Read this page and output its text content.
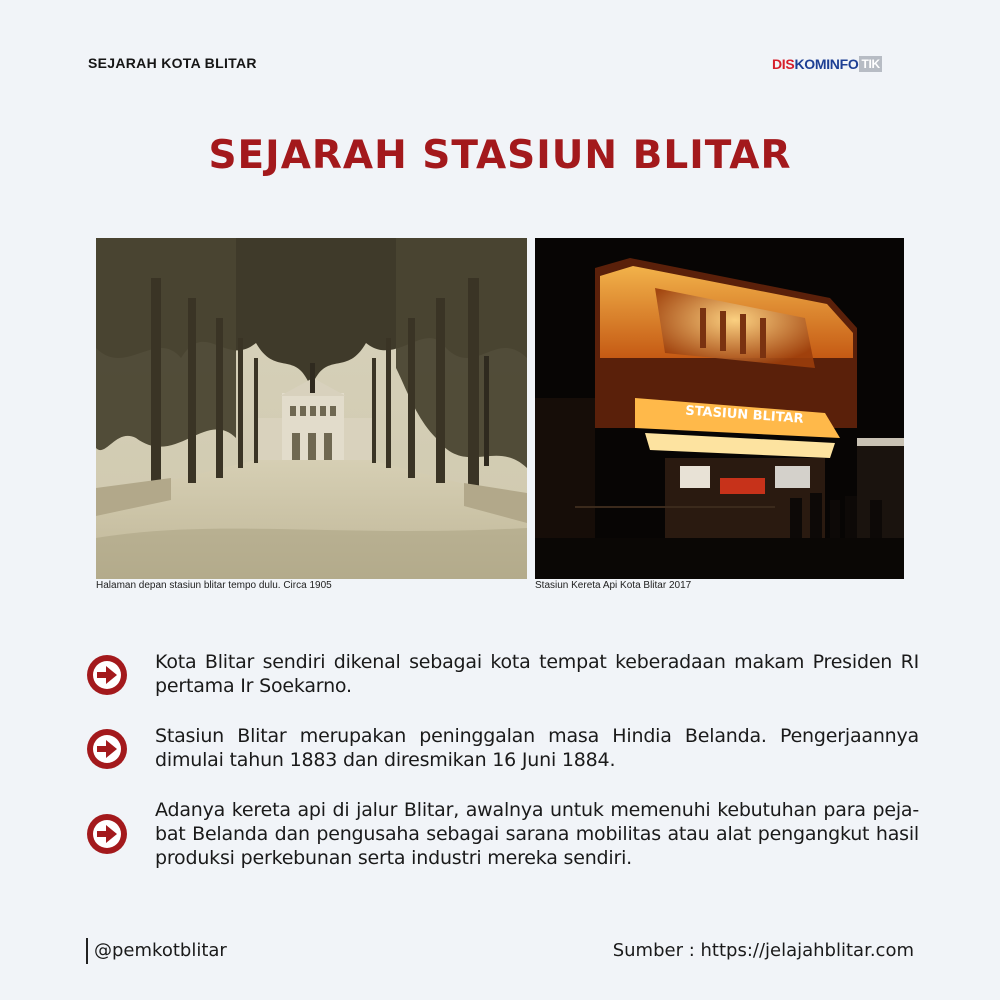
SEJARAH KOTA BLITAR	DIS KOMINFO TIK
SEJARAH STASIUN BLITAR
STASIUN BLITAR
Halaman depan stasiun blitar tempo dulu. Circa 1905	Stasiun Kereta Api Kota Blitar 2017
Kota Blitar sendiri dikenal sebagai kota tempat keberadaan makam Presiden RI pertama Ir Soekarno.
Stasiun Blitar merupakan peninggalan masa Hindia Belanda. Pengerjaannya dimulai tahun 1883 dan diresmikan 16 Juni 1884.
Adanya kereta api di jalur Blitar, awalnya untuk memenuhi kebutuhan para peja-bat Belanda dan pengusaha sebagai sarana mobilitas atau alat pengangkut hasil produksi perkebunan serta industri mereka sendiri.
@pemkotblitar	Sumber : https://jelajahblitar.com
